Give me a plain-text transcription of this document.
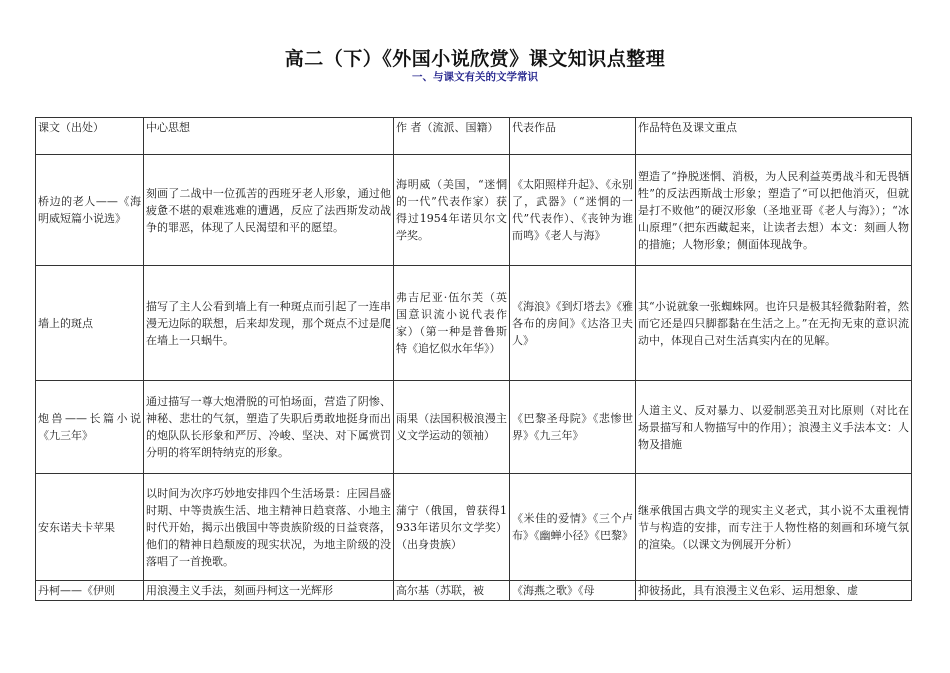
高二（下）《外国小说欣赏》课文知识点整理
一、与课文有关的文学常识
课文（出处）	中心思想	作 者（流派、国籍）	代表作品	作品特色及课文重点
桥边的老人——《海明威短篇小说选》	刻画了二战中一位孤苦的西班牙老人形象，通过他疲惫不堪的艰难逃难的遭遇，反应了法西斯发动战争的罪恶，体现了人民渴望和平的愿望。	海明威（美国，“迷惘的一代”代表作家）获得过1954年诺贝尔文学奖。	《太阳照样升起》、《永别了，武器》（“迷惘的一代”代表作）、《丧钟为谁而鸣》《老人与海》	塑造了“挣脱迷惘、消极，为人民利益英勇战斗和无畏牺牲”的反法西斯战士形象；塑造了“可以把他消灭，但就是打不败他”的硬汉形象（圣地亚哥《老人与海》）；“冰山原理”（把东西藏起来，让读者去想）本文：刻画人物的措施；人物形象；侧面体现战争。
墙上的斑点	描写了主人公看到墙上有一种斑点而引起了一连串漫无边际的联想，后来却发现，那个斑点不过是爬在墙上一只蜗牛。	弗吉尼亚·伍尔芙（英国意识流小说代表作家）（第一种是普鲁斯特《追忆似水年华》）	《海浪》《到灯塔去》《雅各布的房间》《达洛卫夫人》	其“小说就象一张蜘蛛网。也许只是极其轻微黏附着，然而它还是四只脚都黏在生活之上。”在无拘无束的意识流动中，体现自己对生活真实内在的见解。
炮兽——长篇小说《九三年》	通过描写一尊大炮滑脱的可怕场面，营造了阴惨、神秘、悲壮的气氛，塑造了失职后勇敢地挺身而出的炮队队长形象和严厉、冷峻、坚决、对下属赏罚分明的将军朗特纳克的形象。	雨果（法国积极浪漫主义文学运动的领袖）	《巴黎圣母院》《悲惨世界》《九三年》	人道主义、反对暴力、以爱制恶美丑对比原则（对比在场景描写和人物描写中的作用）；浪漫主义手法本文：人物及措施
安东诺夫卡苹果	以时间为次序巧妙地安排四个生活场景：庄园昌盛时期、中等贵族生活、地主精神日趋衰落、小地主时代开始，揭示出俄国中等贵族阶级的日益衰落，他们的精神日趋颓废的现实状况，为地主阶级的没落唱了一首挽歌。	蒲宁（俄国，曾获得1933年诺贝尔文学奖）（出身贵族）	《米佳的爱情》《三个卢布》《幽蝉小径》《巴黎》	继承俄国古典文学的现实主义老式，其小说不太重视情节与构造的安排，而专注于人物性格的刻画和环境气氛的渲染。（以课文为例展开分析）

丹柯——《伊则	用浪漫主义手法，刻画丹柯这一光辉形	高尔基（苏联，被	《海燕之歌》《母	抑彼扬此，具有浪漫主义色彩、运用想象、虚
